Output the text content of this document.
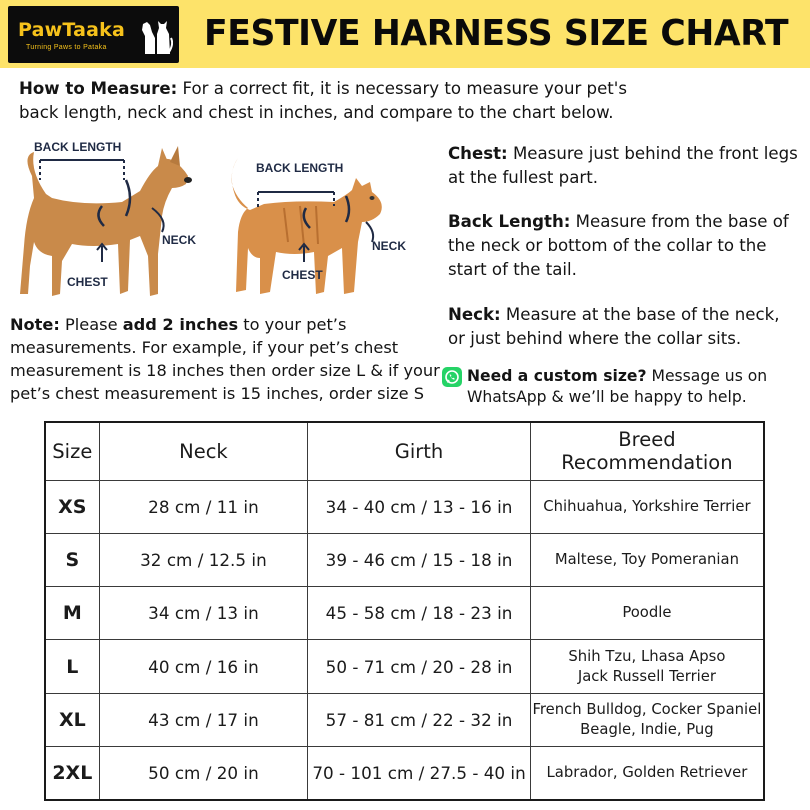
PawTaaka
Turning Paws to Pataka	FESTIVE HARNESS SIZE CHART
How to Measure: For a correct fit, it is necessary to measure your pet's back length, neck and chest in inches, and compare to the chart below.
BACK LENGTH
NECK
CHEST
BACK LENGTH
NECK
CHEST
Chest: Measure just behind the front legs at the fullest part.
Back Length: Measure from the base of the neck or bottom of the collar to the start of the tail.
Neck: Measure at the base of the neck, or just behind where the collar sits.
Note: Please add 2 inches to your pet’s measurements. For example, if your pet’s chest measurement is 18 inches then order size L & if your pet’s chest measurement is 15 inches, order size S
Need a custom size? Message us on WhatsApp & we’ll be happy to help.
Size	Neck	Girth	Breed
Recommendation
XS	28 cm / 11 in	34 - 40 cm / 13 - 16 in	Chihuahua, Yorkshire Terrier
S	32 cm / 12.5 in	39 - 46 cm / 15 - 18 in	Maltese, Toy Pomeranian
M	34 cm / 13 in	45 - 58 cm / 18 - 23 in	Poodle
L	40 cm / 16 in	50 - 71 cm / 20 - 28 in	Shih Tzu, Lhasa Apso
Jack Russell Terrier
XL	43 cm / 17 in	57 - 81 cm / 22 - 32 in	French Bulldog, Cocker Spaniel
Beagle, Indie, Pug
2XL	50 cm / 20 in	70 - 101 cm / 27.5 - 40 in	Labrador, Golden Retriever
